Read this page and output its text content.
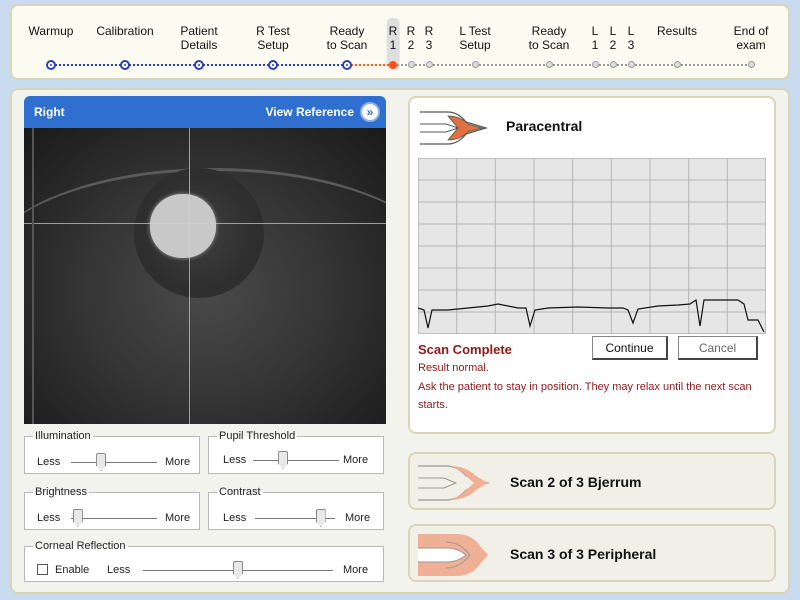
Warmup Calibration Patient
Details
R Test
Setup
Ready
to Scan
R
1
R
2
R
3
L Test
Setup
Ready
to Scan
L
1
L
2
L
3
Results	End of
exam
Right	View Reference	»
Illumination
Less	More
Pupil Threshold
Less	More
Brightness
Less	More
Contrast
Less	More
Corneal Reflection
Enable Less	More
Paracentral
Scan Complete	Continue	Cancel
Result normal.
Ask the patient to stay in position. They may relax until the next scan starts.
Scan 2 of 3 Bjerrum
Scan 3 of 3 Peripheral
